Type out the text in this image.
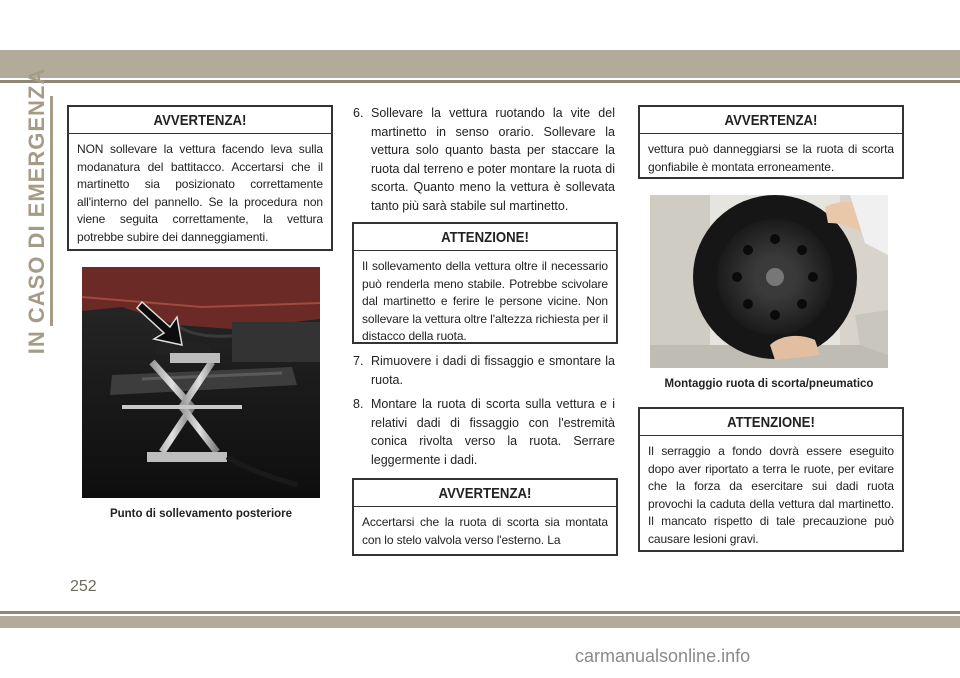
IN CASO DI EMERGENZA	AVVERTENZA!
NON sollevare la vettura facendo leva sulla modanatura del battitacco. Accertarsi che il martinetto sia posizionato correttamente all'interno del pannello. Se la procedura non viene seguita correttamente, la vettura potrebbe subire dei danneggiamenti.
Punto di sollevamento posteriore
6. Sollevare la vettura ruotando la vite del martinetto in senso orario. Sollevare la vettura solo quanto basta per staccare la ruota dal terreno e poter montare la ruota di scorta. Quanto meno la vettura è sollevata tanto più sarà stabile sul martinetto.
ATTENZIONE!
Il sollevamento della vettura oltre il necessario può renderla meno stabile. Potrebbe scivolare dal martinetto e ferire le persone vicine. Non sollevare la vettura oltre l'altezza richiesta per il distacco della ruota.
7. Rimuovere i dadi di fissaggio e smontare la ruota.
8. Montare la ruota di scorta sulla vettura e i relativi dadi di fissaggio con l'estremità conica rivolta verso la ruota. Serrare leggermente i dadi.
AVVERTENZA!
Accertarsi che la ruota di scorta sia montata con lo stelo valvola verso l'esterno. La
AVVERTENZA!
vettura può danneggiarsi se la ruota di scorta gonfiabile è montata erroneamente.
Montaggio ruota di scorta/pneumatico
ATTENZIONE!
Il serraggio a fondo dovrà essere eseguito dopo aver riportato a terra le ruote, per evitare che la forza da esercitare sui dadi ruota provochi la caduta della vettura dal martinetto. Il mancato rispetto di tale precauzione può causare lesioni gravi.
252
carmanualsonline.info
